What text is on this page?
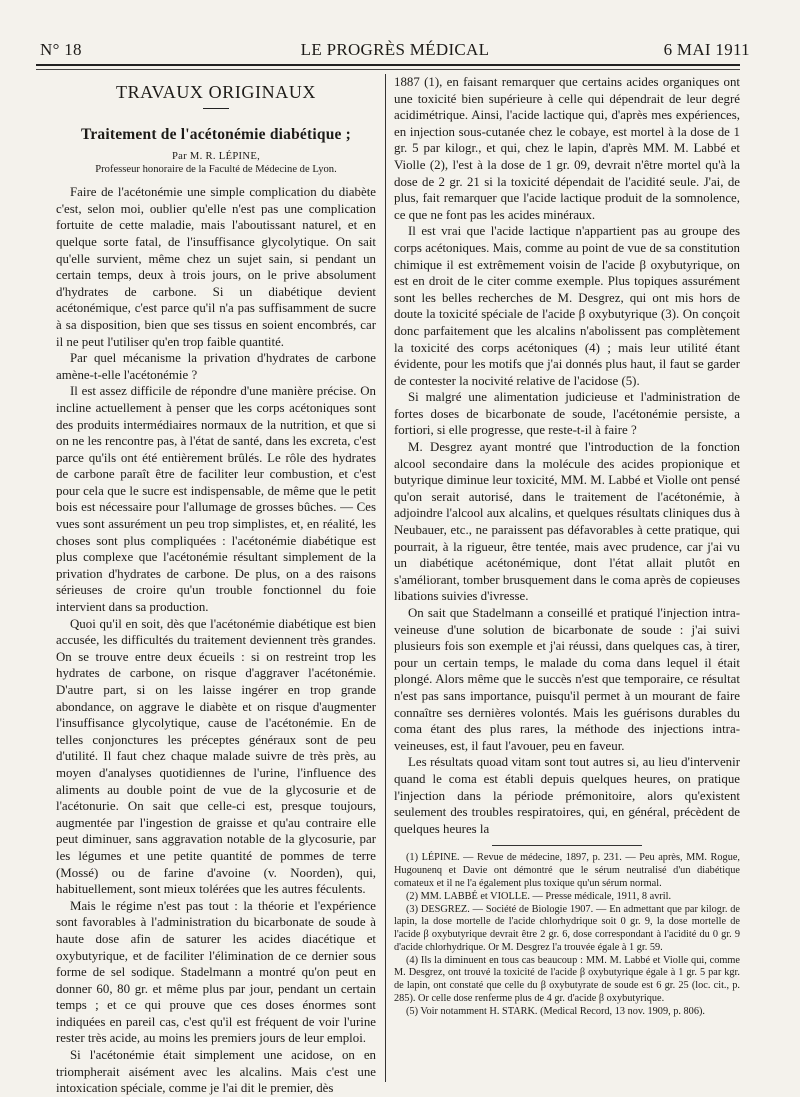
N° 18	LE PROGRÈS MÉDICAL	6 MAI 1911
TRAVAUX ORIGINAUX
Traitement de l'acétonémie diabétique ;
Par M. R. LÉPINE,
Professeur honoraire de la Faculté de Médecine de Lyon.

Faire de l'acétonémie une simple complication du diabète c'est, selon moi, oublier qu'elle n'est pas une complication fortuite de cette maladie, mais l'aboutissant naturel, et en quelque sorte fatal, de l'insuffisance glycolytique. On sait qu'elle survient, même chez un sujet sain, si pendant un certain temps, deux à trois jours, on le prive absolument d'hydrates de carbone. Si un diabétique devient acétonémique, c'est parce qu'il n'a pas suffisamment de sucre à sa disposition, bien que ses tissus en soient encombrés, car il ne peut l'utiliser qu'en trop faible quantité.

Par quel mécanisme la privation d'hydrates de carbone amène-t-elle l'acétonémie ?

Il est assez difficile de répondre d'une manière précise. On incline actuellement à penser que les corps acétoniques sont des produits intermédiaires normaux de la nutrition, et que si on ne les rencontre pas, à l'état de santé, dans les excreta, c'est parce qu'ils ont été entièrement brûlés. Le rôle des hydrates de carbone paraît être de faciliter leur combustion, et c'est pour cela que le sucre est indispensable, de même que le petit bois est nécessaire pour l'allumage de grosses bûches. — Ces vues sont assurément un peu trop simplistes, et, en réalité, les choses sont plus compliquées : l'acétonémie diabétique est plus complexe que l'acétonémie résultant simplement de la privation d'hydrates de carbone. De plus, on a des raisons sérieuses de croire qu'un trouble fonctionnel du foie intervient dans sa production.

Quoi qu'il en soit, dès que l'acétonémie diabétique est bien accusée, les difficultés du traitement deviennent très grandes. On se trouve entre deux écueils : si on restreint trop les hydrates de carbone, on risque d'aggraver l'acétonémie. D'autre part, si on les laisse ingérer en trop grande abondance, on aggrave le diabète et on risque d'augmenter l'insuffisance glycolytique, cause de l'acétonémie. En de telles conjonctures les préceptes généraux sont de peu d'utilité. Il faut chez chaque malade suivre de très près, au moyen d'analyses quotidiennes de l'urine, l'influence des aliments au double point de vue de la glycosurie et de l'acétonurie. On sait que celle-ci est, presque toujours, augmentée par l'ingestion de graisse et qu'au contraire elle peut diminuer, sans aggravation notable de la glycosurie, par les légumes et une petite quantité de pommes de terre (Mossé) ou de farine d'avoine (v. Noorden), qui, habituellement, sont mieux tolérées que les autres féculents.

Mais le régime n'est pas tout : la théorie et l'expérience sont favorables à l'administration du bicarbonate de soude à haute dose afin de saturer les acides diacétique et oxybutyrique, et de faciliter l'élimination de ce dernier sous forme de sel sodique. Stadelmann a montré qu'on peut en donner 60, 80 gr. et même plus par jour, pendant un certain temps ; et ce qui prouve que ces doses énormes sont indiquées en pareil cas, c'est qu'il est fréquent de voir l'urine rester très acide, au moins les premiers jours de leur emploi.

Si l'acétonémie était simplement une acidose, on en triompherait aisément avec les alcalins. Mais c'est une intoxication spéciale, comme je l'ai dit le premier, dès

1887 (1), en faisant remarquer que certains acides organiques ont une toxicité bien supérieure à celle qui dépendrait de leur degré acidimétrique. Ainsi, l'acide lactique qui, d'après mes expériences, en injection sous-cutanée chez le cobaye, est mortel à la dose de 1 gr. 5 par kilogr., et qui, chez le lapin, d'après MM. M. Labbé et Violle (2), l'est à la dose de 1 gr. 09, devrait n'être mortel qu'à la dose de 2 gr. 21 si la toxicité dépendait de l'acidité seule. J'ai, de plus, fait remarquer que l'acide lactique produit de la somnolence, ce que ne font pas les acides minéraux.

Il est vrai que l'acide lactique n'appartient pas au groupe des corps acétoniques. Mais, comme au point de vue de sa constitution chimique il est extrêmement voisin de l'acide β oxybutyrique, on est en droit de le citer comme exemple. Plus topiques assurément sont les belles recherches de M. Desgrez, qui ont mis hors de doute la toxicité spéciale de l'acide β oxybutyrique (3). On conçoit donc parfaitement que les alcalins n'abolissent pas complètement la toxicité des corps acétoniques (4) ; mais leur utilité étant évidente, pour les motifs que j'ai donnés plus haut, il faut se garder de contester la nocivité relative de l'acidose (5).

Si malgré une alimentation judicieuse et l'administration de fortes doses de bicarbonate de soude, l'acétonémie persiste, a fortiori, si elle progresse, que reste-t-il à faire ?

M. Desgrez ayant montré que l'introduction de la fonction alcool secondaire dans la molécule des acides propionique et butyrique diminue leur toxicité, MM. M. Labbé et Violle ont pensé qu'on serait autorisé, dans le traitement de l'acétonémie, à adjoindre l'alcool aux alcalins, et quelques résultats cliniques dus à Neubauer, etc., ne paraissent pas défavorables à cette pratique, qui pourrait, à la rigueur, être tentée, mais avec prudence, car j'ai vu un diabétique acétonémique, dont l'état allait plutôt en s'améliorant, tomber brusquement dans le coma après de copieuses libations suivies d'ivresse.

On sait que Stadelmann a conseillé et pratiqué l'injection intra-veineuse d'une solution de bicarbonate de soude : j'ai suivi plusieurs fois son exemple et j'ai réussi, dans quelques cas, à tirer, pour un certain temps, le malade du coma dans lequel il était plongé. Alors même que le succès n'est que temporaire, ce résultat n'est pas sans importance, puisqu'il permet à un mourant de faire connaître ses dernières volontés. Mais les guérisons durables du coma étant des plus rares, la méthode des injections intra-veineuses, est, il faut l'avouer, peu en faveur.

Les résultats quoad vitam sont tout autres si, au lieu d'intervenir quand le coma est établi depuis quelques heures, on pratique l'injection dans la période prémonitoire, alors qu'existent seulement des troubles respiratoires, qui, en général, précèdent de quelques heures la

(1) LÉPINE. — Revue de médecine, 1897, p. 231. — Peu après, MM. Rogue, Hugounenq et Davie ont démontré que le sérum neutralisé d'un diabétique comateux et il ne l'a également plus toxique qu'un sérum normal.

(2) MM. LABBÉ et VIOLLE. — Presse médicale, 1911, 8 avril.

(3) DESGREZ. — Société de Biologie 1907. — En admettant que par kilogr. de lapin, la dose mortelle de l'acide chlorhydrique soit 0 gr. 9, la dose mortelle de l'acide β oxybutyrique devrait être 2 gr. 6, dose correspondant à l'acidité du 0 gr. 9 d'acide chlorhydrique. Or M. Desgrez l'a trouvée égale à 1 gr. 59.

(4) Ils la diminuent en tous cas beaucoup : MM. M. Labbé et Violle qui, comme M. Desgrez, ont trouvé la toxicité de l'acide β oxybutyrique égale à 1 gr. 5 par kgr. de lapin, ont constaté que celle du β oxybutyrate de soude est 6 gr. 25 (loc. cit., p. 285). Or celle dose renferme plus de 4 gr. d'acide β oxybutyrique.

(5) Voir notamment H. STARK. (Medical Record, 13 nov. 1909, p. 806).
